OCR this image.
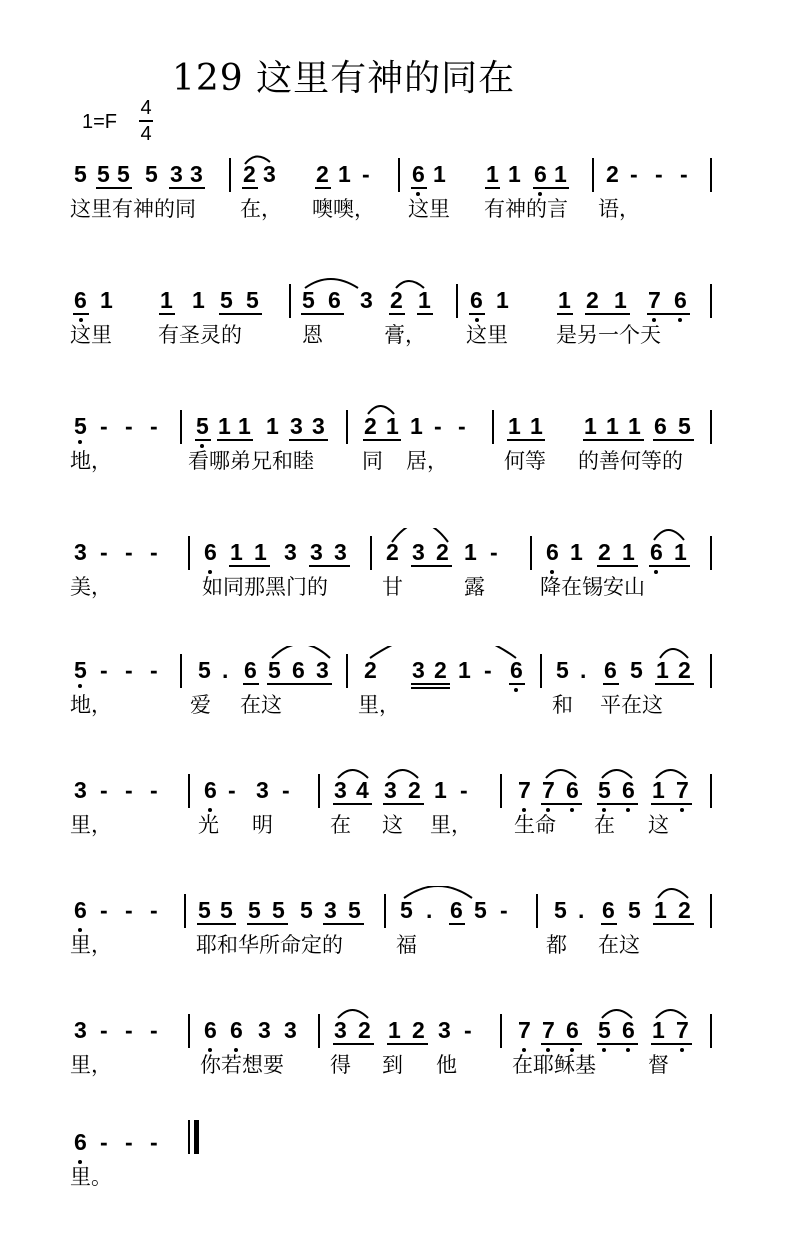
129 这里有神的同在
1=F
4
4
5 5 5 5 3 3 2 3 2 1 - 6 1 1 1 6 1 2 - - -
这里有神的同 在， 噢噢， 这里 有神的言 语，
6 1 1 1 5 5 5 6 3 2 1 6 1 1 2 1 7 6
这里 有圣灵的	恩	膏， 这里 是另一个天
5 - - - 5 1 1 1 3 3 2 1 1 - - 1 1 1 1 1 6 5
地，	看哪弟兄和睦 同 居，	何等 的善何等的
3 - - - 6 1 1 3 3 3 2 3 2 1 - 6 1 2 1 6 1
美，	如同那黑门的	甘	露	降在锡安山
5 - - - 5 . 6 5 6 3 2 3 2 1 - 6 5 . 6 5 1 2
地，	爱 在这	里，	和 平在这
3 - - - 6 - 3 - 3 4 3 2 1 - 7 7 6 5 6 1 7
里，	光 明	在 这 里， 生命 在 这
6 - - - 5 5 5 5 5 3 5 5 . 6 5 - 5 . 6 5 1 2
里，	耶和华所命定的	福	都 在这
3 - - - 6 6 3 3 3 2 1 2 3 - 7 7 6 5 6 1 7
里，	你若想要 得 到 他	在耶稣基 督
6 - - -
里。
